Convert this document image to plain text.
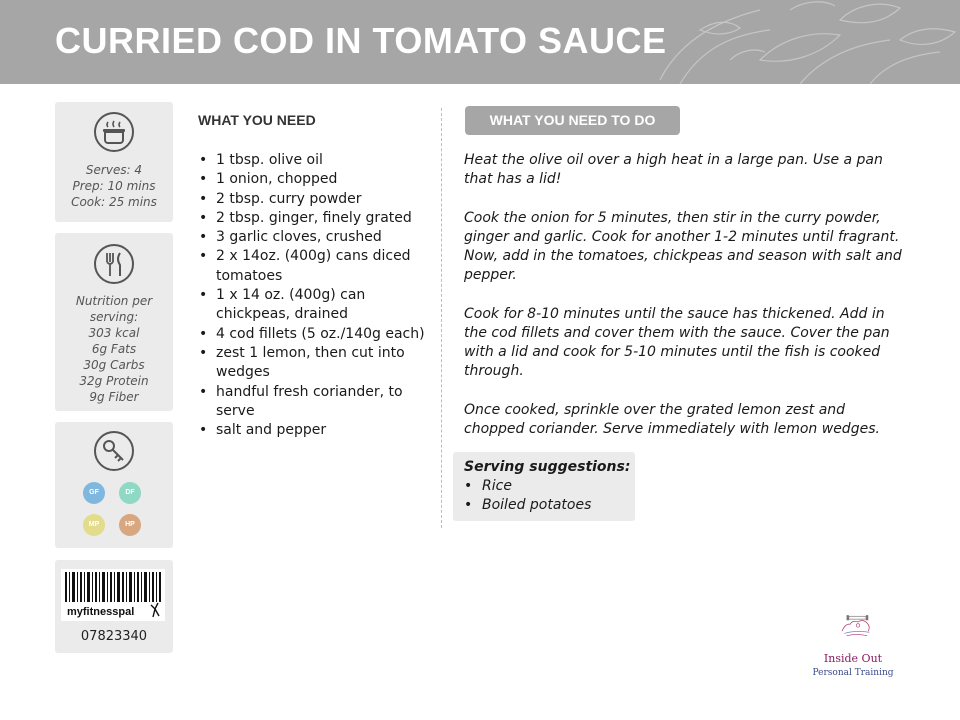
CURRIED COD IN TOMATO SAUCE
Serves: 4
Prep: 10 mins
Cook: 25 mins
Nutrition per serving:
303 kcal
6g Fats
30g Carbs
32g Protein
9g Fiber
GF	DF
MP	HP
myfitnesspal
07823340
WHAT YOU NEED
• 1 tbsp. olive oil
• 1 onion, chopped
• 2 tbsp. curry powder
• 2 tbsp. ginger, finely grated
• 3 garlic cloves, crushed
• 2 x 14oz. (400g) cans diced tomatoes
• 1 x 14 oz. (400g) can chickpeas, drained
• 4 cod fillets (5 oz./140g each)
• zest 1 lemon, then cut into wedges
• handful fresh coriander, to serve
• salt and pepper
WHAT YOU NEED TO DO

Heat the olive oil over a high heat in a large pan. Use a pan that has a lid!

Cook the onion for 5 minutes, then stir in the curry powder, ginger and garlic. Cook for another 1-2 minutes until fragrant. Now, add in the tomatoes, chickpeas and season with salt and pepper.

Cook for 8-10 minutes until the sauce has thickened. Add in the cod fillets and cover them with the sauce. Cover the pan with a lid and cook for 5-10 minutes until the fish is cooked through.

Once cooked, sprinkle over the grated lemon zest and chopped coriander. Serve immediately with lemon wedges.

Serving suggestions:
• Rice
• Boiled potatoes
Inside Out
Personal Training
